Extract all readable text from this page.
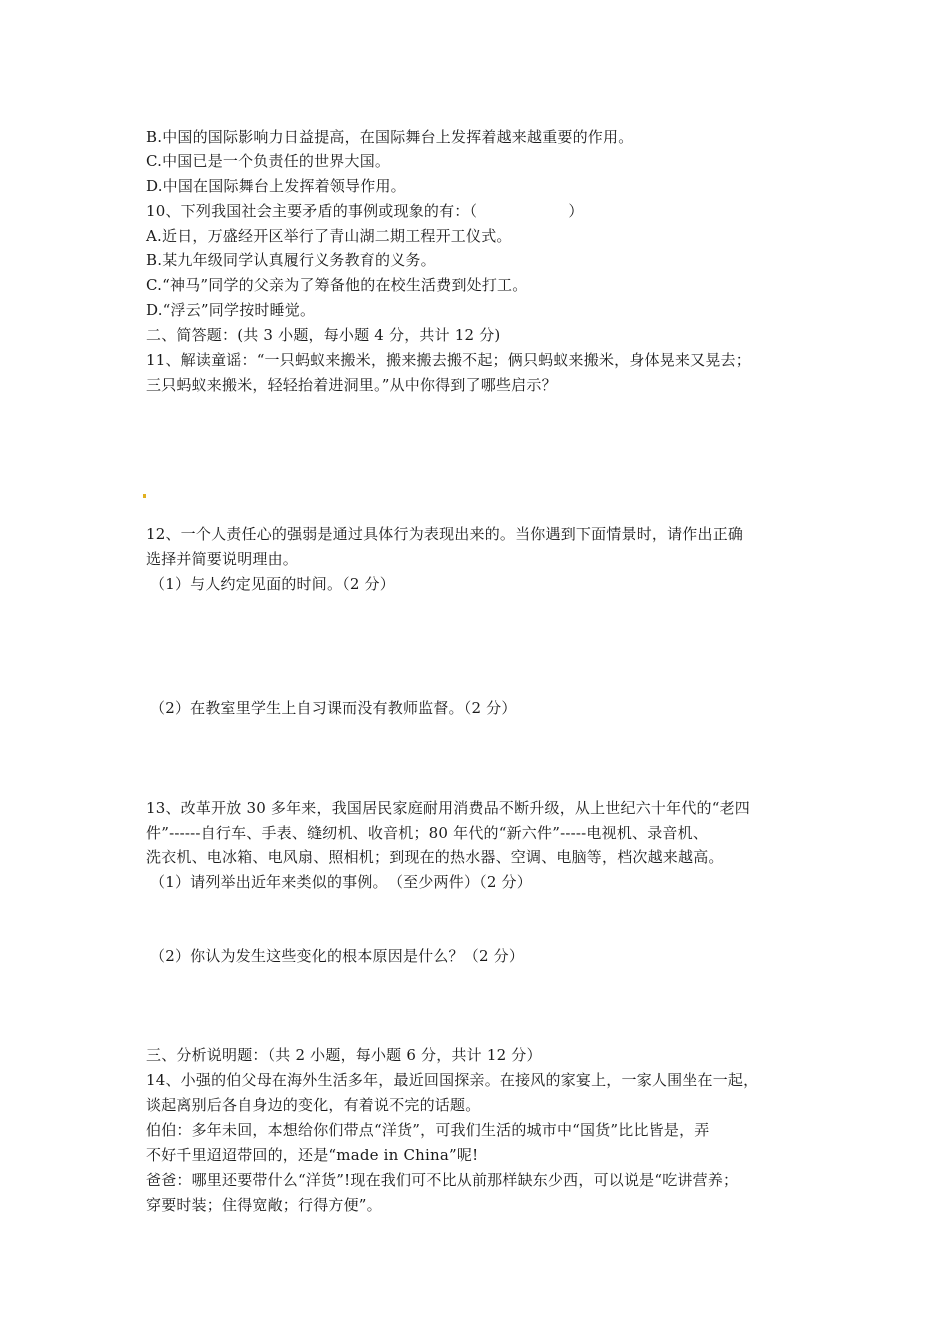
B.中国的国际影响力日益提高，在国际舞台上发挥着越来越重要的作用。
C.中国已是一个负责任的世界大国。
D.中国在国际舞台上发挥着领导作用。
10、下列我国社会主要矛盾的事例或现象的有：（　　　　　　）
A.近日，万盛经开区举行了青山湖二期工程开工仪式。
B.某九年级同学认真履行义务教育的义务。
C.“神马”同学的父亲为了筹备他的在校生活费到处打工。
D.“浮云”同学按时睡觉。
二、简答题：(共 3 小题，每小题 4 分，共计 12 分)
11、解读童谣：“一只蚂蚁来搬米，搬来搬去搬不起；俩只蚂蚁来搬米，身体晃来又晃去；
三只蚂蚁来搬米，轻轻抬着进洞里。”从中你得到了哪些启示？
12、一个人责任心的强弱是通过具体行为表现出来的。当你遇到下面情景时，请作出正确
选择并简要说明理由。
（1）与人约定见面的时间。（2 分）
（2）在教室里学生上自习课而没有教师监督。（2 分）
13、改革开放 30 多年来，我国居民家庭耐用消费品不断升级，从上世纪六十年代的“老四
件”------自行车、手表、缝纫机、收音机；80 年代的“新六件”-----电视机、录音机、
洗衣机、电冰箱、电风扇、照相机；到现在的热水器、空调、电脑等，档次越来越高。
（1）请列举出近年来类似的事例。　（至少两件）（2 分）
（2）你认为发生这些变化的根本原因是什么？（2 分）
三、分析说明题：（共 2 小题，每小题 6 分，共计 12 分）
14、小强的伯父母在海外生活多年，最近回国探亲。在接风的家宴上，一家人围坐在一起，
谈起离别后各自身边的变化，有着说不完的话题。
伯伯：多年未回，本想给你们带点“洋货”，可我们生活的城市中“国货”比比皆是，弄
不好千里迢迢带回的，还是“made in China”呢!
爸爸：哪里还要带什么“洋货”!现在我们可不比从前那样缺东少西，可以说是“吃讲营养；
穿要时装；住得宽敞；行得方便”。
